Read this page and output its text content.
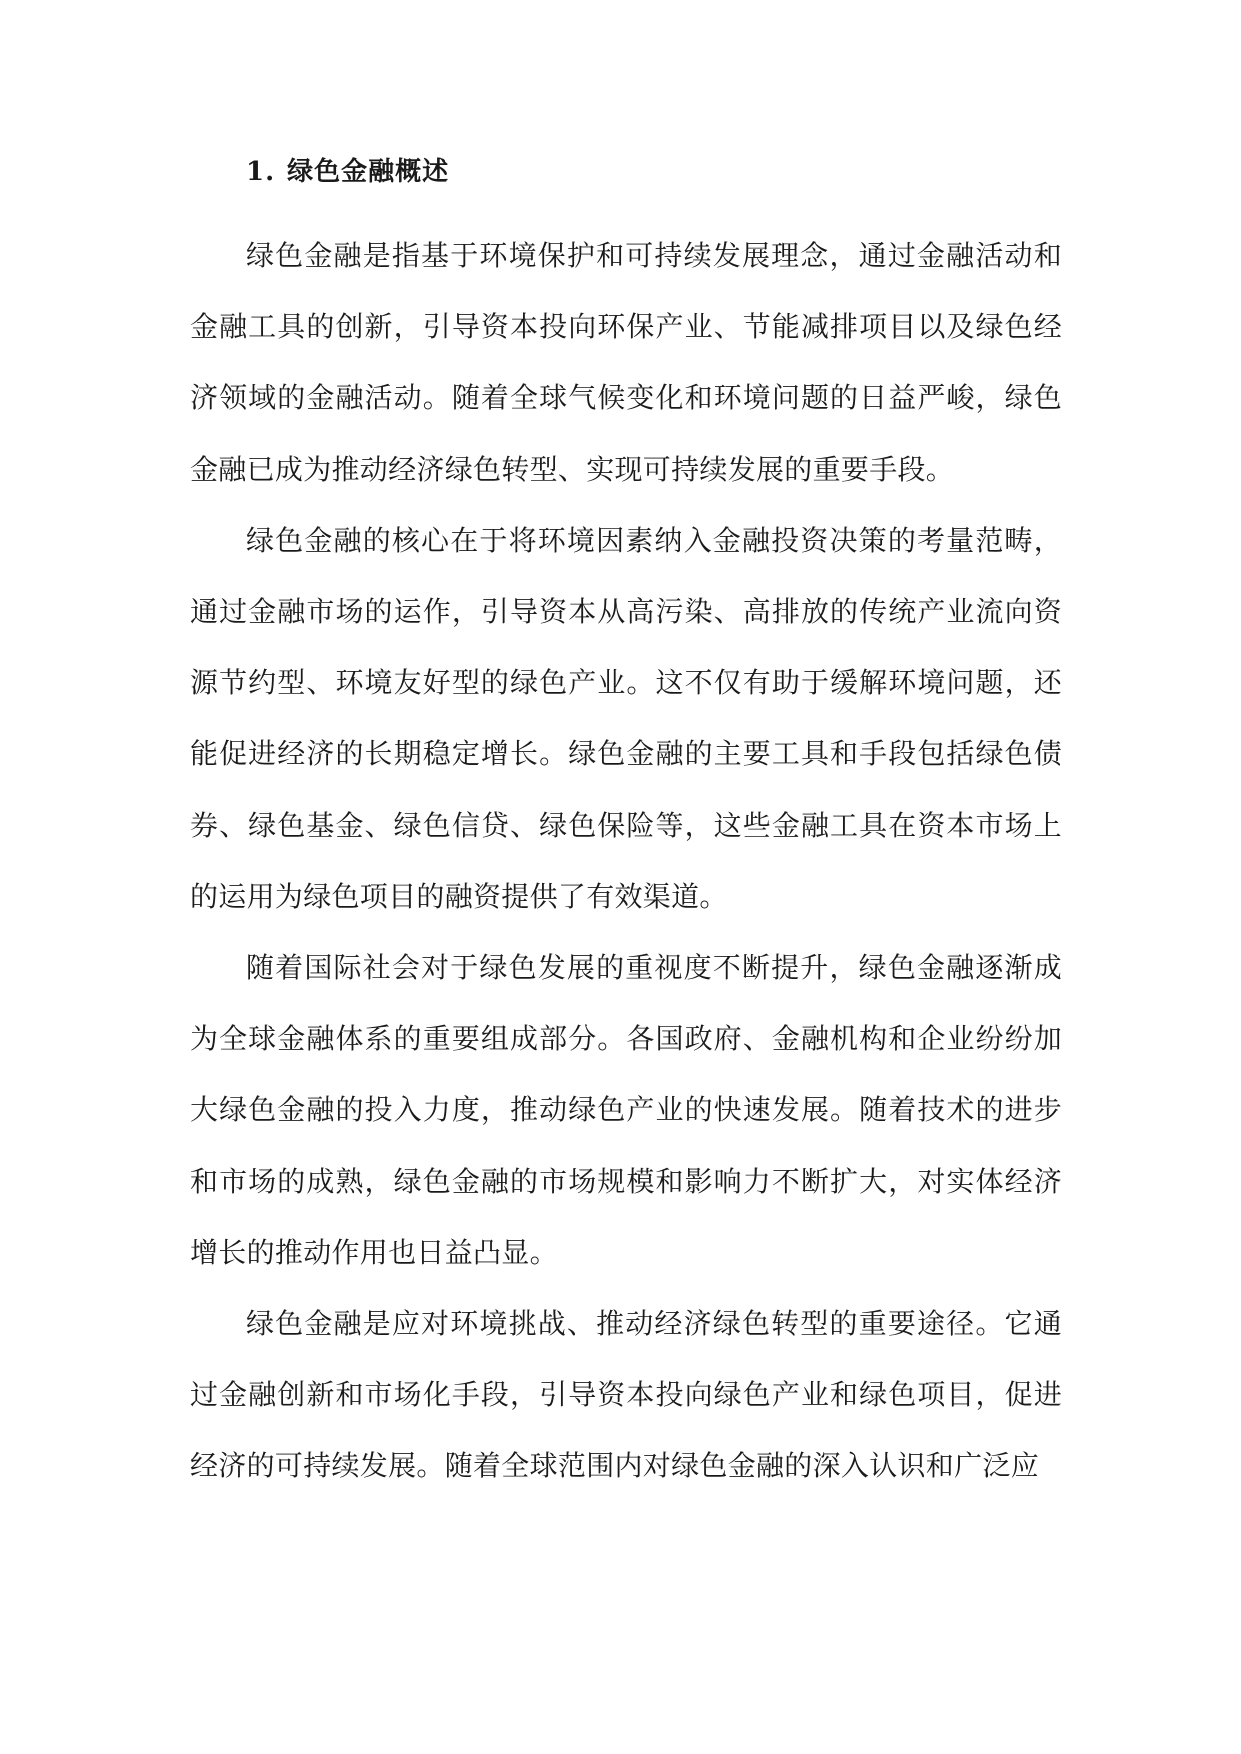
1. 绿色金融概述

绿色金融是指基于环境保护和可持续发展理念，通过金融活动和金融工具的创新，引导资本投向环保产业、节能减排项目以及绿色经济领域的金融活动。随着全球气候变化和环境问题的日益严峻，绿色金融已成为推动经济绿色转型、实现可持续发展的重要手段。

绿色金融的核心在于将环境因素纳入金融投资决策的考量范畴，通过金融市场的运作，引导资本从高污染、高排放的传统产业流向资源节约型、环境友好型的绿色产业。这不仅有助于缓解环境问题，还能促进经济的长期稳定增长。绿色金融的主要工具和手段包括绿色债券、绿色基金、绿色信贷、绿色保险等，这些金融工具在资本市场上的运用为绿色项目的融资提供了有效渠道。

随着国际社会对于绿色发展的重视度不断提升，绿色金融逐渐成为全球金融体系的重要组成部分。各国政府、金融机构和企业纷纷加大绿色金融的投入力度，推动绿色产业的快速发展。随着技术的进步和市场的成熟，绿色金融的市场规模和影响力不断扩大，对实体经济增长的推动作用也日益凸显。

绿色金融是应对环境挑战、推动经济绿色转型的重要途径。它通过金融创新和市场化手段，引导资本投向绿色产业和绿色项目，促进经济的可持续发展。随着全球范围内对绿色金融的深入认识和广泛应
